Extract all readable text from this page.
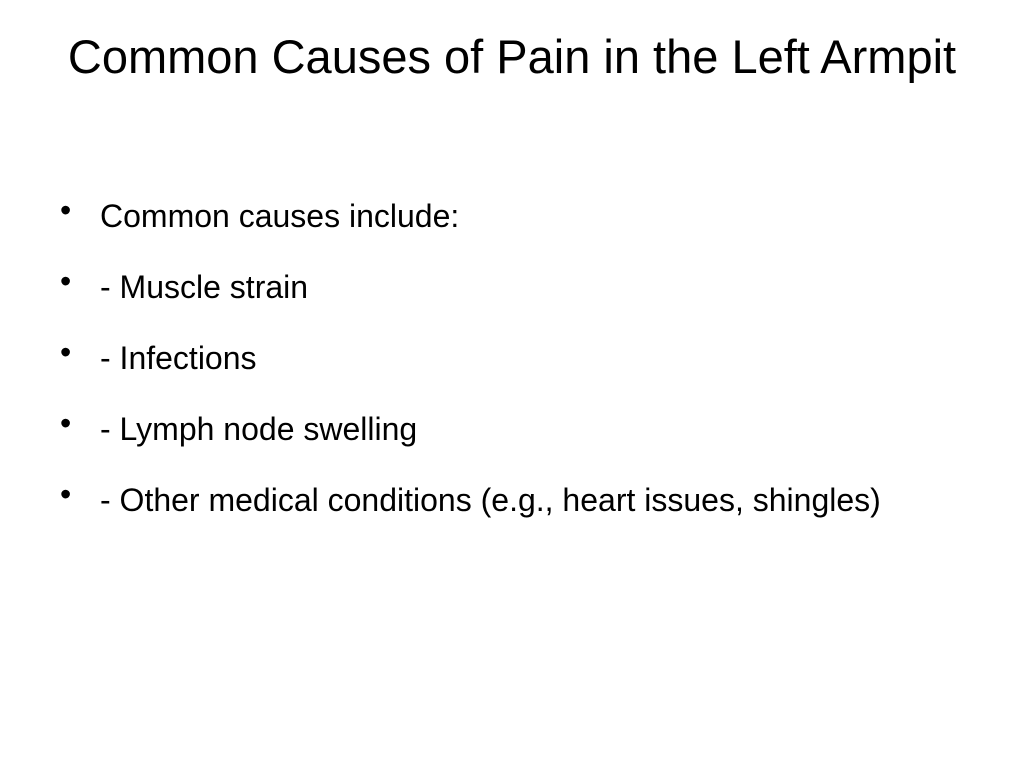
Common Causes of Pain in the Left Armpit
• Common causes include:
• - Muscle strain
• - Infections
• - Lymph node swelling
• - Other medical conditions (e.g., heart issues, shingles)
